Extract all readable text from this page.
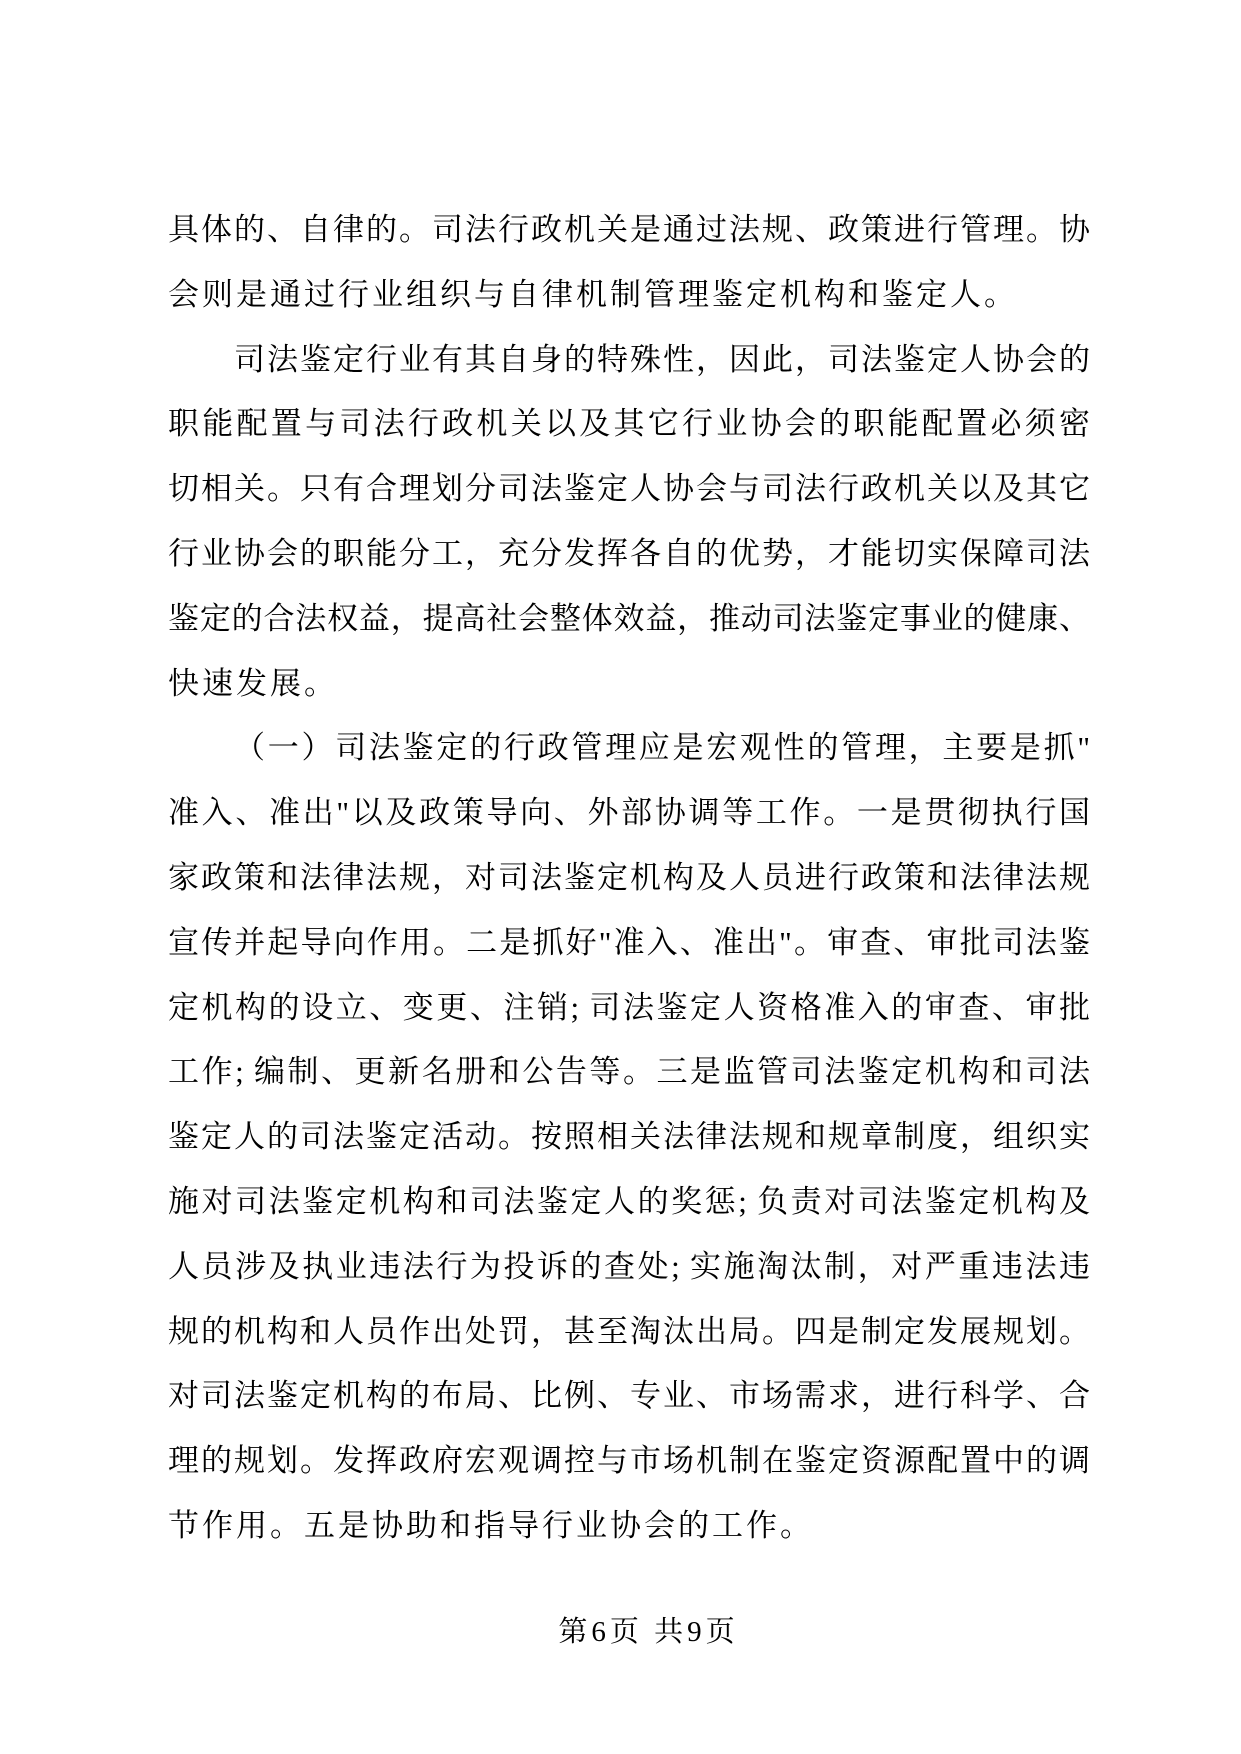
具体的、自律的。司法行政机关是通过法规、政策进行管理。协
会则是通过行业组织与自律机制管理鉴定机构和鉴定人。
司法鉴定行业有其自身的特殊性，因此，司法鉴定人协会的
职能配置与司法行政机关以及其它行业协会的职能配置必须密
切相关。只有合理划分司法鉴定人协会与司法行政机关以及其它
行业协会的职能分工，充分发挥各自的优势，才能切实保障司法
鉴定的合法权益，提高社会整体效益，推动司法鉴定事业的健康、
快速发展。
（一）司法鉴定的行政管理应是宏观性的管理，主要是抓"
准入、准出"以及政策导向、外部协调等工作。一是贯彻执行国
家政策和法律法规，对司法鉴定机构及人员进行政策和法律法规
宣传并起导向作用。二是抓好"准入、准出"。审查、审批司法鉴
定机构的设立、变更、注销; 司法鉴定人资格准入的审查、审批
工作; 编制、更新名册和公告等。三是监管司法鉴定机构和司法
鉴定人的司法鉴定活动。按照相关法律法规和规章制度，组织实
施对司法鉴定机构和司法鉴定人的奖惩; 负责对司法鉴定机构及
人员涉及执业违法行为投诉的查处; 实施淘汰制，对严重违法违
规的机构和人员作出处罚，甚至淘汰出局。四是制定发展规划。
对司法鉴定机构的布局、比例、专业、市场需求，进行科学、合
理的规划。发挥政府宏观调控与市场机制在鉴定资源配置中的调
节作用。五是协助和指导行业协会的工作。
第6页 共9页
